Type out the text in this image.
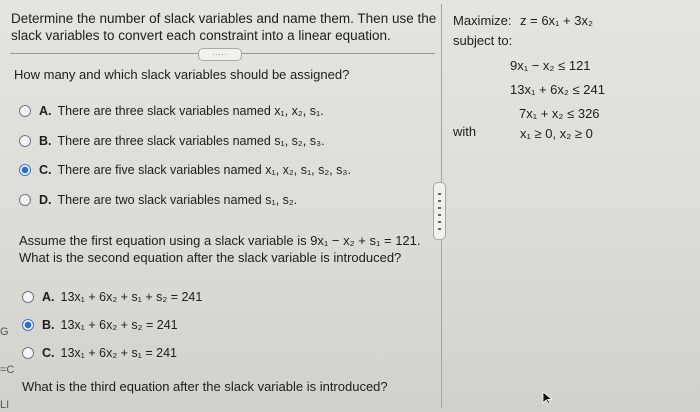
Determine the number of slack variables and name them. Then use the slack variables to convert each constraint into a linear equation.
.....
Maximize: z = 6x₁ + 3x₂
subject to:
9x₁ − x₂ ≤ 121
13x₁ + 6x₂ ≤ 241
7x₁ + x₂ ≤ 326
with	x₁ ≥ 0, x₂ ≥ 0
How many and which slack variables should be assigned?
A. There are three slack variables named x₁, x₂, s₁.
B. There are three slack variables named s₁, s₂, s₃.
C. There are five slack variables named x₁, x₂, s₁, s₂, s₃.
D. There are two slack variables named s₁, s₂.
Assume the first equation using a slack variable is 9x₁ − x₂ + s₁ = 121. What is the second equation after the slack variable is introduced?
A. 13x₁ + 6x₂ + s₁ + s₂ = 241
B. 13x₁ + 6x₂ + s₂ = 241
C. 13x₁ + 6x₂ + s₁ = 241
What is the third equation after the slack variable is introduced?
G
=C
LI
